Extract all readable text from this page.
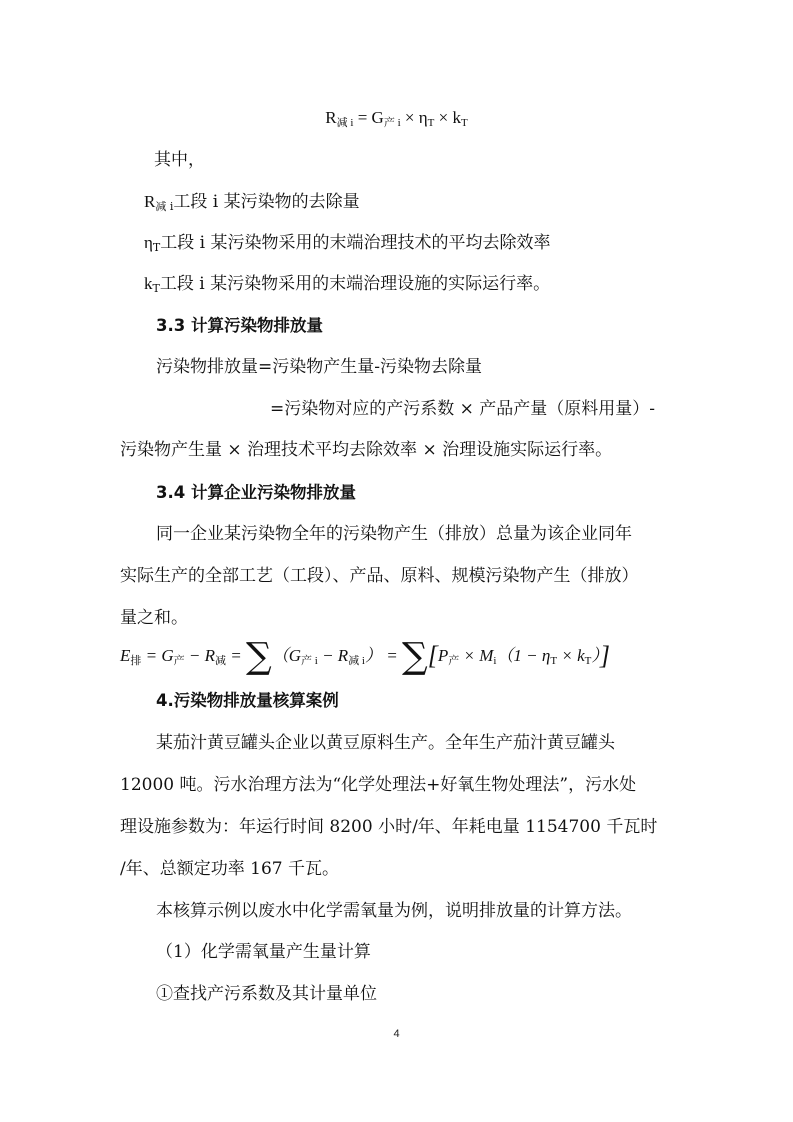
$R_{减 i} = G_{产 i} \times \eta_T \times k_T$
其中，
$R_{减 i}$工段 i 某污染物的去除量
$\eta_T$工段 i 某污染物采用的末端治理技术的平均去除效率
$k_T$工段 i 某污染物采用的末端治理设施的实际运行率。
3.3 计算污染物排放量
污染物排放量=污染物产生量-污染物去除量
=污染物对应的产污系数 × 产品产量（原料用量）-
污染物产生量 × 治理技术平均去除效率 × 治理设施实际运行率。
3.4 计算企业污染物排放量
同一企业某污染物全年的污染物产生（排放）总量为该企业同年
实际生产的全部工艺（工段）、产品、原料、规模污染物产生（排放）
量之和。
$E_排 = G_产 - R_减 = \sum(G_{产 i} - R_{减 i}) = \sum[P_产 \times M_i(1 - \eta_T \times k_T)]$
4.污染物排放量核算案例
某茄汁黄豆罐头企业以黄豆原料生产。全年生产茄汁黄豆罐头
12000 吨。污水治理方法为“化学处理法+好氧生物处理法”，污水处
理设施参数为：年运行时间 8200 小时/年、年耗电量 1154700 千瓦时
/年、总额定功率 167 千瓦。
本核算示例以废水中化学需氧量为例，说明排放量的计算方法。
（1）化学需氧量产生量计算
①查找产污系数及其计量单位
4
